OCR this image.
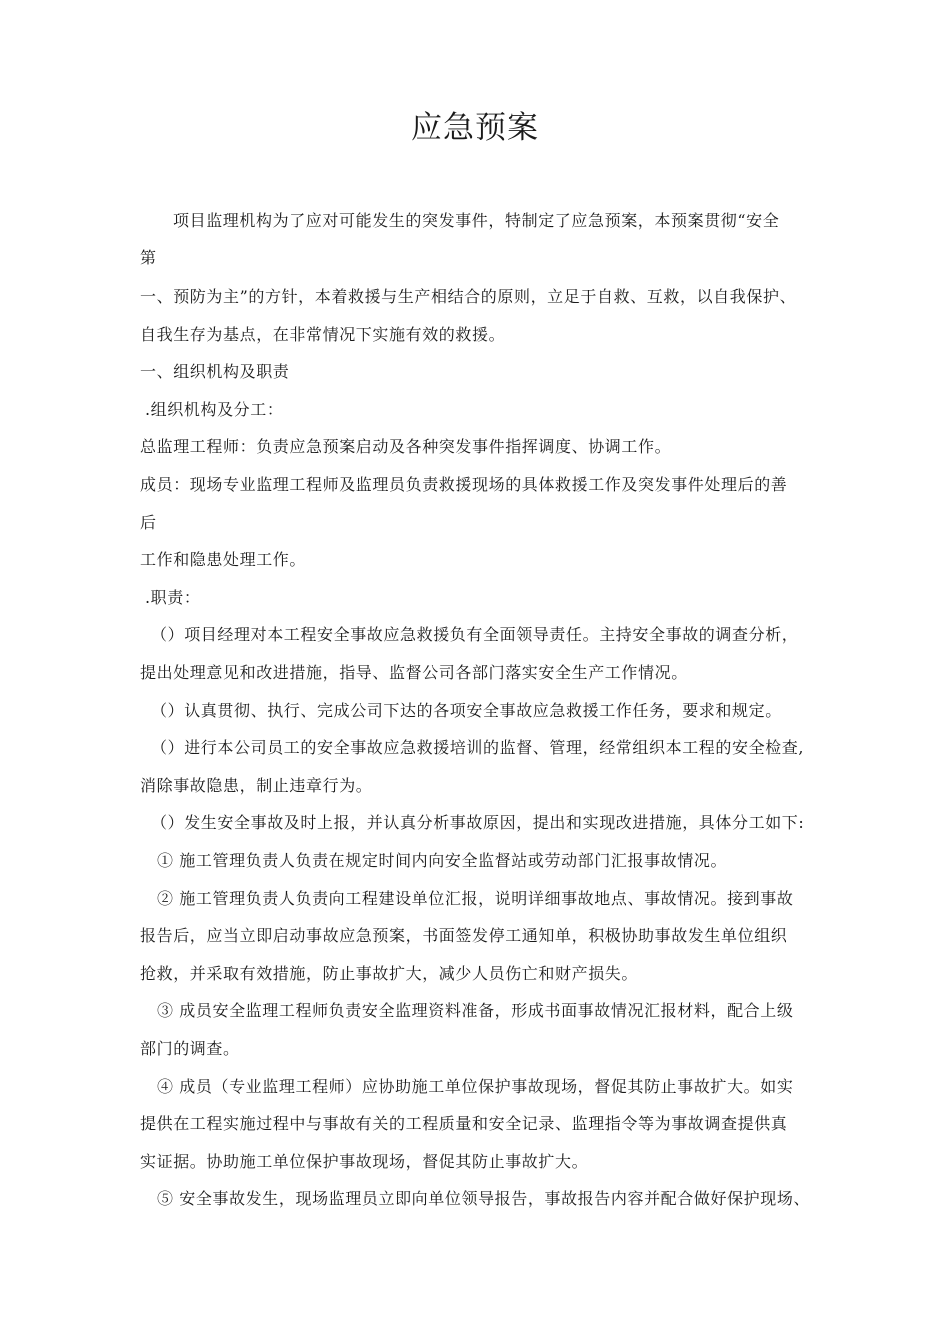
应急预案
项目监理机构为了应对可能发生的突发事件，特制定了应急预案，本预案贯彻“安全
第
一、预防为主”的方针，本着救援与生产相结合的原则，立足于自救、互救，以自我保护、
自我生存为基点，在非常情况下实施有效的救援。
一、组织机构及职责
.组织机构及分工：
总监理工程师：负责应急预案启动及各种突发事件指挥调度、协调工作。
成员：现场专业监理工程师及监理员负责救援现场的具体救援工作及突发事件处理后的善
后
工作和隐患处理工作。
.职责：
（）项目经理对本工程安全事故应急救援负有全面领导责任。主持安全事故的调查分析，
提出处理意见和改进措施，指导、监督公司各部门落实安全生产工作情况。
（）认真贯彻、执行、完成公司下达的各项安全事故应急救援工作任务，要求和规定。
（）进行本公司员工的安全事故应急救援培训的监督、管理，经常组织本工程的安全检查,
消除事故隐患，制止违章行为。
（）发生安全事故及时上报，并认真分析事故原因，提出和实现改进措施，具体分工如下:
① 施工管理负责人负责在规定时间内向安全监督站或劳动部门汇报事故情况。
② 施工管理负责人负责向工程建设单位汇报，说明详细事故地点、事故情况。接到事故
报告后，应当立即启动事故应急预案，书面签发停工通知单，积极协助事故发生单位组织
抢救，并采取有效措施，防止事故扩大，减少人员伤亡和财产损失。
③ 成员安全监理工程师负责安全监理资料准备，形成书面事故情况汇报材料，配合上级
部门的调查。
④ 成员（专业监理工程师）应协助施工单位保护事故现场，督促其防止事故扩大。如实
提供在工程实施过程中与事故有关的工程质量和安全记录、监理指令等为事故调查提供真
实证据。协助施工单位保护事故现场，督促其防止事故扩大。
⑤ 安全事故发生，现场监理员立即向单位领导报告，事故报告内容并配合做好保护现场、
